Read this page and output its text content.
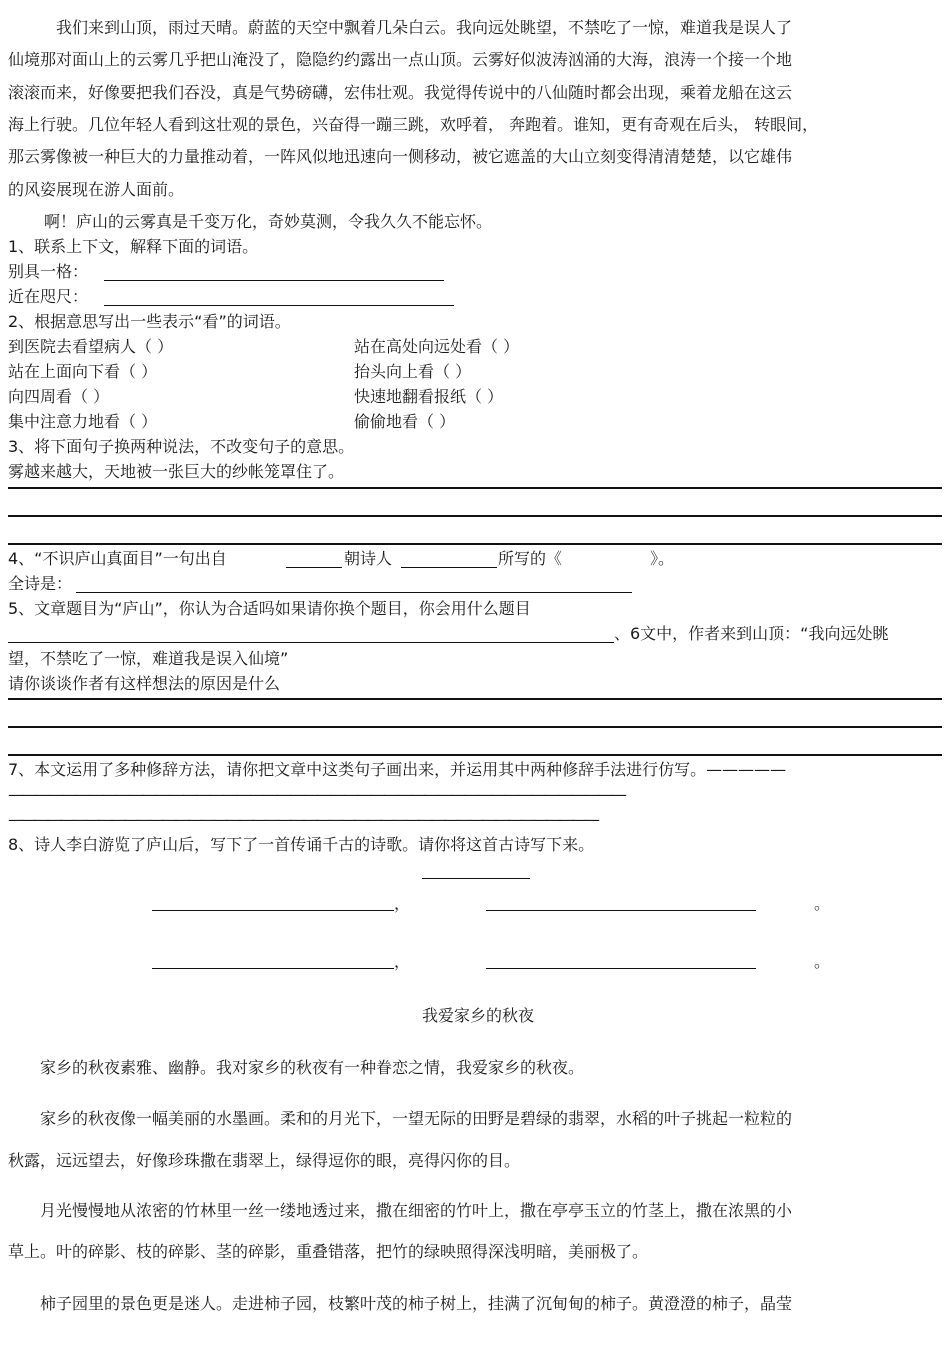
我们来到山顶，雨过天晴。蔚蓝的天空中飘着几朵白云。我向远处眺望，不禁吃了一惊，难道我是误人了
仙境那对面山上的云雾几乎把山淹没了，隐隐约约露出一点山顶。云雾好似波涛汹涌的大海，浪涛一个接一个地
滚滚而来，好像要把我们吞没，真是气势磅礴，宏伟壮观。我觉得传说中的八仙随时都会出现，乘着龙船在这云
海上行驶。几位年轻人看到这壮观的景色，兴奋得一蹦三跳，欢呼着， 奔跑着。谁知，更有奇观在后头， 转眼间，
那云雾像被一种巨大的力量推动着，一阵风似地迅速向一侧移动，被它遮盖的大山立刻变得清清楚楚，以它雄伟
的风姿展现在游人面前。
啊！庐山的云雾真是千变万化，奇妙莫测，令我久久不能忘怀。
1、联系上下文，解释下面的词语。
别具一格：
近在咫尺：
2、根据意思写出一些表示“看”的词语。
到医院去看望病人（ ）	站在高处向远处看（ ）
站在上面向下看（ ）	抬头向上看（ ）
向四周看（ ）	快速地翻看报纸（ ）
集中注意力地看（ ）	偷偷地看（ ）
3、将下面句子换两种说法，不改变句子的意思。
雾越来越大，天地被一张巨大的纱帐笼罩住了。
4、“不识庐山真面目”一句出自	朝诗人	所写的《	》。
全诗是：
5、文章题目为“庐山”，你认为合适吗如果请你换个题目，你会用什么题目
、6文中，作者来到山顶：“我向远处眺
望，不禁吃了一惊，难道我是误入仙境”
请你谈谈作者有这样想法的原因是什么
7、本文运用了多种修辞方法，请你把文章中这类句子画出来，并运用其中两种修辞手法进行仿写。—————
——————————————————————————————————————————————
——————————————————————————————————————————————
8、诗人李白游览了庐山后，写下了一首传诵千古的诗歌。请你将这首古诗写下来。
，	。
，	。
我爱家乡的秋夜
家乡的秋夜素雅、幽静。我对家乡的秋夜有一种眷恋之情，我爱家乡的秋夜。
家乡的秋夜像一幅美丽的水墨画。柔和的月光下，一望无际的田野是碧绿的翡翠，水稻的叶子挑起一粒粒的
秋露，远远望去，好像珍珠撒在翡翠上，绿得逗你的眼，亮得闪你的目。
月光慢慢地从浓密的竹林里一丝一缕地透过来，撒在细密的竹叶上，撒在亭亭玉立的竹茎上，撒在浓黑的小
草上。叶的碎影、枝的碎影、茎的碎影，重叠错落，把竹的绿映照得深浅明暗，美丽极了。
柿子园里的景色更是迷人。走进柿子园，枝繁叶茂的柿子树上，挂满了沉甸甸的柿子。黄澄澄的柿子，晶莹
